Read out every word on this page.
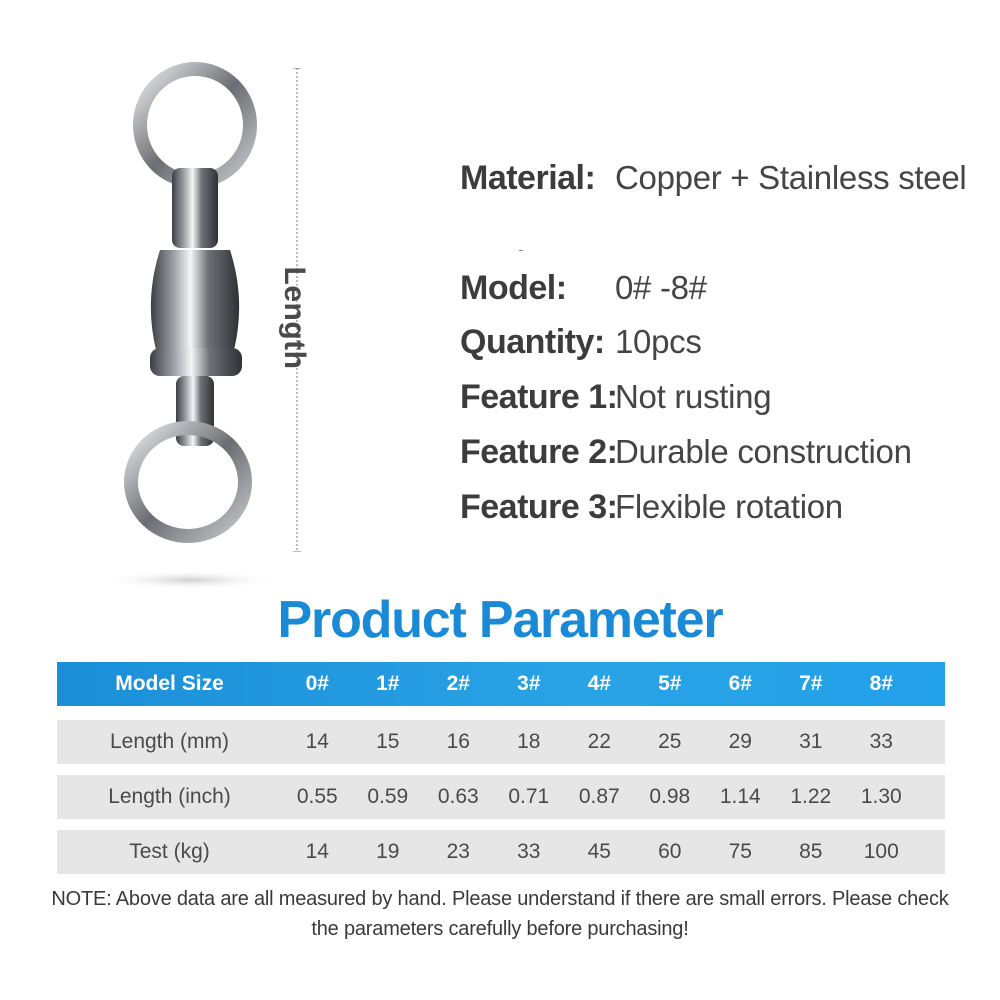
Length
Material: Copper + Stainless steel
Model: 0# -8#
Quantity: 10pcs
Feature 1:Not rusting
Feature 2:Durable construction
Feature 3:Flexible rotation
Product Parameter
Model Size	0#	1#	2#	3#	4#	5#	6#	7#	8#
Length (mm)	14	15	16	18	22	25	29	31	33
Length (inch)	0.55	0.59	0.63	0.71	0.87	0.98	1.14	1.22	1.30
Test (kg)	14	19	23	33	45	60	75	85	100
NOTE: Above data are all measured by hand. Please understand if there are small errors. Please check
the parameters carefully before purchasing!
